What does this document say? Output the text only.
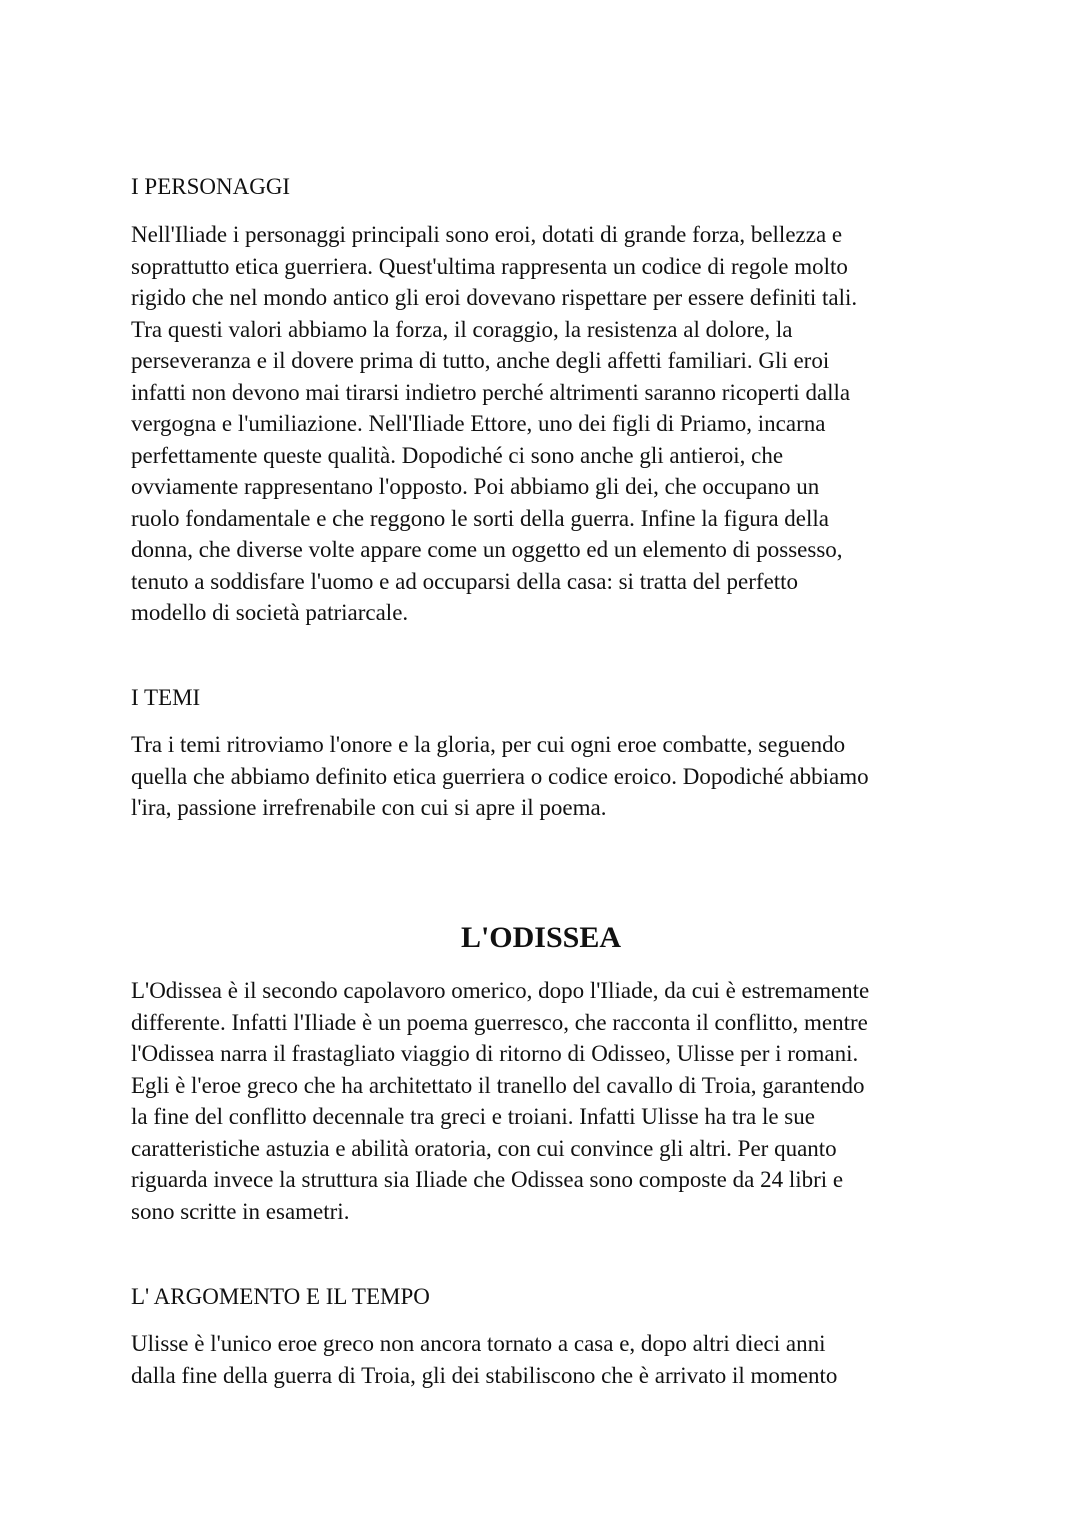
I PERSONAGGI
Nell'Iliade i personaggi principali sono eroi, dotati di grande forza, bellezza e
soprattutto etica guerriera. Quest'ultima rappresenta un codice di regole molto
rigido che nel mondo antico gli eroi dovevano rispettare per essere definiti tali.
Tra questi valori abbiamo la forza, il coraggio, la resistenza al dolore, la
perseveranza e il dovere prima di tutto, anche degli affetti familiari. Gli eroi
infatti non devono mai tirarsi indietro perché altrimenti saranno ricoperti dalla
vergogna e l'umiliazione. Nell'Iliade Ettore, uno dei figli di Priamo, incarna
perfettamente queste qualità. Dopodiché ci sono anche gli antieroi, che
ovviamente rappresentano l'opposto. Poi abbiamo gli dei, che occupano un
ruolo fondamentale e che reggono le sorti della guerra. Infine la figura della
donna, che diverse volte appare come un oggetto ed un elemento di possesso,
tenuto a soddisfare l'uomo e ad occuparsi della casa: si tratta del perfetto
modello di società patriarcale.
I TEMI
Tra i temi ritroviamo l'onore e la gloria, per cui ogni eroe combatte, seguendo
quella che abbiamo definito etica guerriera o codice eroico. Dopodiché abbiamo
l'ira, passione irrefrenabile con cui si apre il poema.
L'ODISSEA
L'Odissea è il secondo capolavoro omerico, dopo l'Iliade, da cui è estremamente
differente. Infatti l'Iliade è un poema guerresco, che racconta il conflitto, mentre
l'Odissea narra il frastagliato viaggio di ritorno di Odisseo, Ulisse per i romani.
Egli è l'eroe greco che ha architettato il tranello del cavallo di Troia, garantendo
la fine del conflitto decennale tra greci e troiani. Infatti Ulisse ha tra le sue
caratteristiche astuzia e abilità oratoria, con cui convince gli altri. Per quanto
riguarda invece la struttura sia Iliade che Odissea sono composte da 24 libri e
sono scritte in esametri.
L' ARGOMENTO E IL TEMPO
Ulisse è l'unico eroe greco non ancora tornato a casa e, dopo altri dieci anni
dalla fine della guerra di Troia, gli dei stabiliscono che è arrivato il momento
